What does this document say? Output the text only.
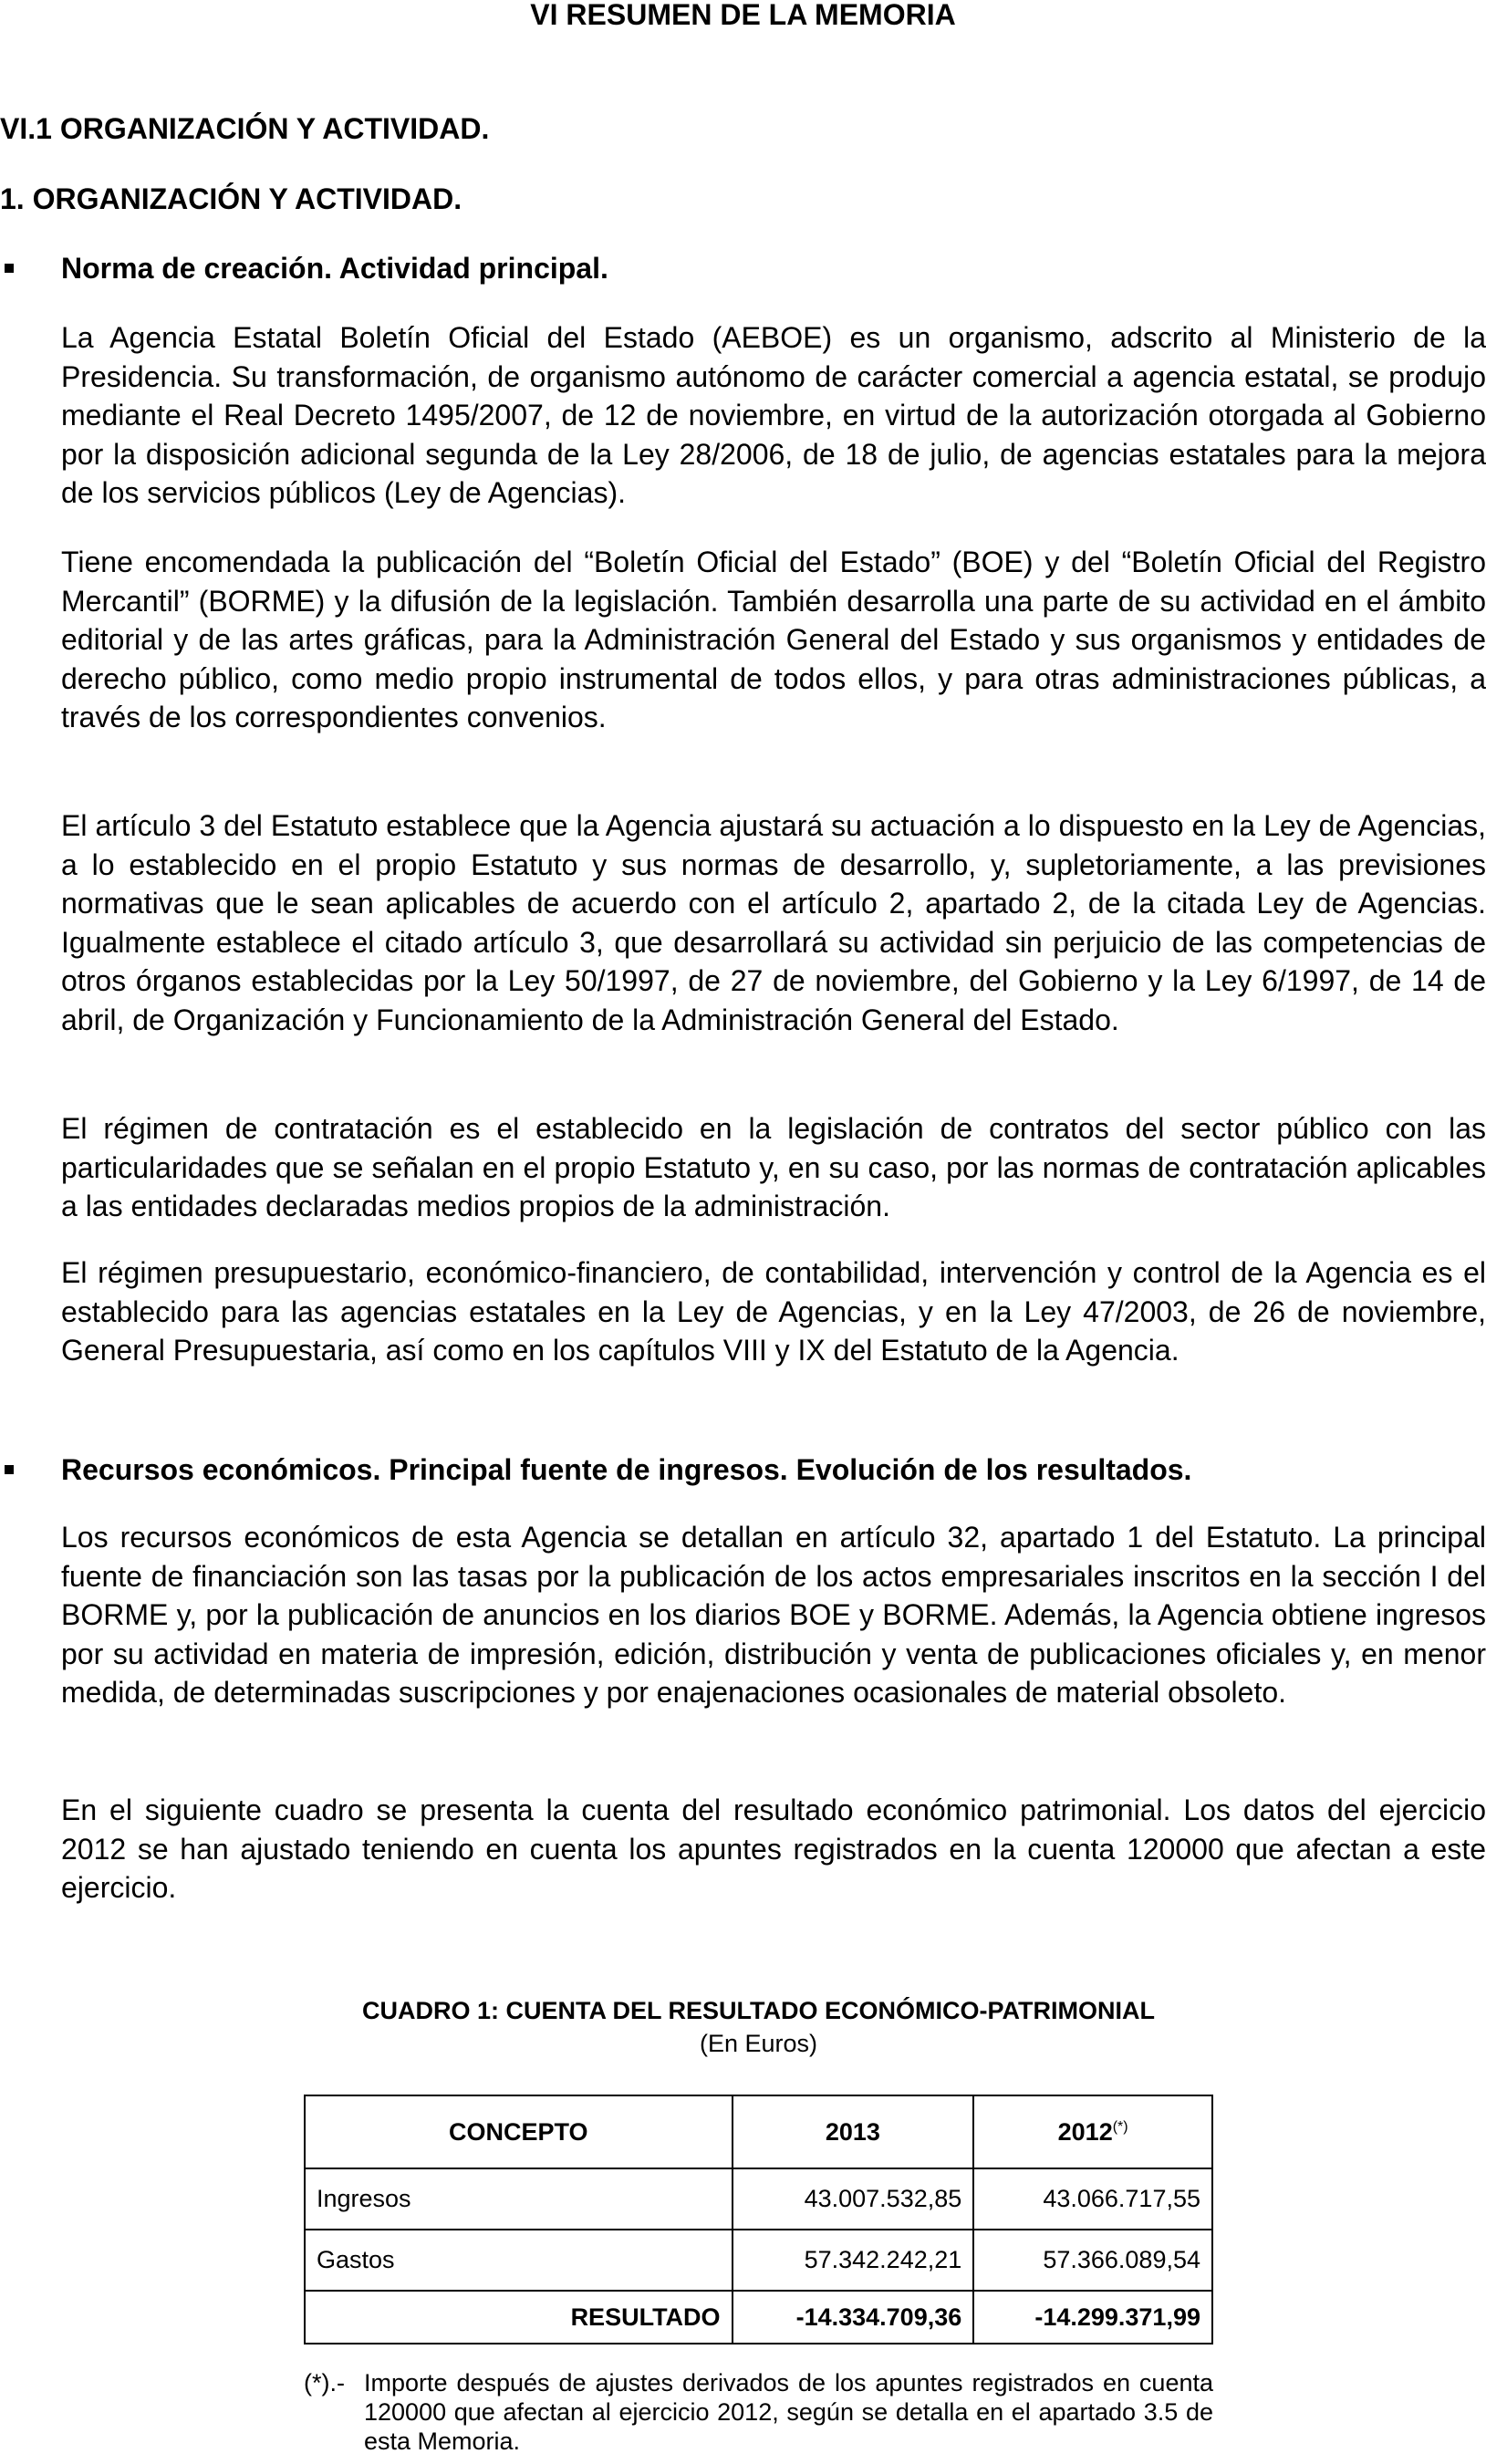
VI RESUMEN DE LA MEMORIA
VI.1 ORGANIZACIÓN Y ACTIVIDAD.
1. ORGANIZACIÓN Y ACTIVIDAD.
Norma de creación. Actividad principal.

La Agencia Estatal Boletín Oficial del Estado (AEBOE) es un organismo, adscrito al Ministerio de la Presidencia. Su transformación, de organismo autónomo de carácter comercial a agencia estatal, se produjo mediante el Real Decreto 1495/2007, de 12 de noviembre, en virtud de la autorización otorgada al Gobierno por la disposición adicional segunda de la Ley 28/2006, de 18 de julio, de agencias estatales para la mejora de los servicios públicos (Ley de Agencias).

Tiene encomendada la publicación del “Boletín Oficial del Estado” (BOE) y del “Boletín Oficial del Registro Mercantil” (BORME) y la difusión de la legislación. También desarrolla una parte de su actividad en el ámbito editorial y de las artes gráficas, para la Administración General del Estado y sus organismos y entidades de derecho público, como medio propio instrumental de todos ellos, y para otras administraciones públicas, a través de los correspondientes convenios.

El artículo 3 del Estatuto establece que la Agencia ajustará su actuación a lo dispuesto en la Ley de Agencias, a lo establecido en el propio Estatuto y sus normas de desarrollo, y, supletoriamente, a las previsiones normativas que le sean aplicables de acuerdo con el artículo 2, apartado 2, de la citada Ley de Agencias. Igualmente establece el citado artículo 3, que desarrollará su actividad sin perjuicio de las competencias de otros órganos establecidas por la Ley 50/1997, de 27 de noviembre, del Gobierno y la Ley 6/1997, de 14 de abril, de Organización y Funcionamiento de la Administración General del Estado.

El régimen de contratación es el establecido en la legislación de contratos del sector público con las particularidades que se señalan en el propio Estatuto y, en su caso, por las normas de contratación aplicables a las entidades declaradas medios propios de la administración.

El régimen presupuestario, económico-financiero, de contabilidad, intervención y control de la Agencia es el establecido para las agencias estatales en la Ley de Agencias, y en la Ley 47/2003, de 26 de noviembre, General Presupuestaria, así como en los capítulos VIII y IX del Estatuto de la Agencia.

Recursos económicos. Principal fuente de ingresos. Evolución de los resultados.

Los recursos económicos de esta Agencia se detallan en artículo 32, apartado 1 del Estatuto. La principal fuente de financiación son las tasas por la publicación de los actos empresariales inscritos en la sección I del BORME y, por la publicación de anuncios en los diarios BOE y BORME. Además, la Agencia obtiene ingresos por su actividad en materia de impresión, edición, distribución y venta de publicaciones oficiales y, en menor medida, de determinadas suscripciones y por enajenaciones ocasionales de material obsoleto.

En el siguiente cuadro se presenta la cuenta del resultado económico patrimonial. Los datos del ejercicio 2012 se han ajustado teniendo en cuenta los apuntes registrados en la cuenta 120000 que afectan a este ejercicio.

CUADRO 1: CUENTA DEL RESULTADO ECONÓMICO-PATRIMONIAL
(En Euros)
CONCEPTO	2013	2012(*)
Ingresos	43.007.532,85	43.066.717,55
Gastos	57.342.242,21	57.366.089,54
RESULTADO	-14.334.709,36	-14.299.371,99
(*).- Importe después de ajustes derivados de los apuntes registrados en cuenta 120000 que afectan al ejercicio 2012, según se detalla en el apartado 3.5 de esta Memoria.
